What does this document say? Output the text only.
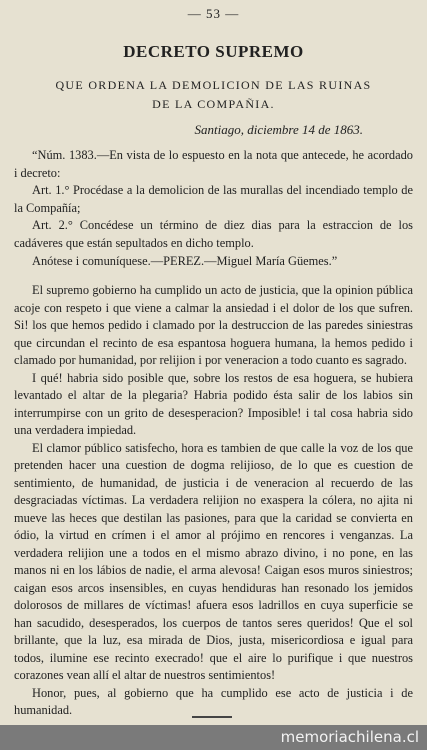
— 53 —
DECRETO SUPREMO
QUE ORDENA LA DEMOLICION DE LAS RUINAS
DE LA COMPAÑIA.
Santiago, diciembre 14 de 1863.

“Núm. 1383.—En vista de lo espuesto en la nota que antecede, he acordado i decreto:

Art. 1.° Procédase a la demolicion de las murallas del incendiado templo de la Compañía;

Art. 2.° Concédese un término de diez dias para la estraccion de los cadáveres que están sepultados en dicho templo.

Anótese i comuníquese.—PEREZ.—Miguel María Güemes.”

El supremo gobierno ha cumplido un acto de justicia, que la opinion pública acoje con respeto i que viene a calmar la ansiedad i el dolor de los que sufren. Si! los que hemos pedido i clamado por la destruccion de las paredes siniestras que circundan el recinto de esa espantosa hoguera humana, la hemos pedido i clamado por humanidad, por relijion i por veneracion a todo cuanto es sagrado.

I qué! habria sido posible que, sobre los restos de esa hoguera, se hubiera levantado el altar de la plegaria? Habria podido ésta salir de los labios sin interrumpirse con un grito de desesperacion? Imposible! i tal cosa habria sido una verdadera impiedad.

El clamor público satisfecho, hora es tambien de que calle la voz de los que pretenden hacer una cuestion de dogma relijioso, de lo que es cuestion de sentimiento, de humanidad, de justicia i de veneracion al recuerdo de las desgraciadas víctimas. La verdadera relijion no exaspera la cólera, no ajita ni mueve las heces que destilan las pasiones, para que la caridad se convierta en ódio, la virtud en crímen i el amor al prójimo en rencores i venganzas. La verdadera relijion une a todos en el mismo abrazo divino, i no pone, en las manos ni en los lábios de nadie, el arma alevosa! Caigan esos muros siniestros; caigan esos arcos insensibles, en cuyas hendiduras han resonado los jemidos dolorosos de millares de víctimas! afuera esos ladrillos en cuya superficie se han sacudido, desesperados, los cuerpos de tantos seres queridos! Que el sol brillante, que la luz, esa mirada de Dios, justa, misericordiosa e igual para todos, ilumine ese recinto execrado! que el aire lo purifique i que nuestros corazones vean allí el altar de nuestros sentimientos!

Honor, pues, al gobierno que ha cumplido ese acto de justicia i de humanidad.

memoriachilena.cl
